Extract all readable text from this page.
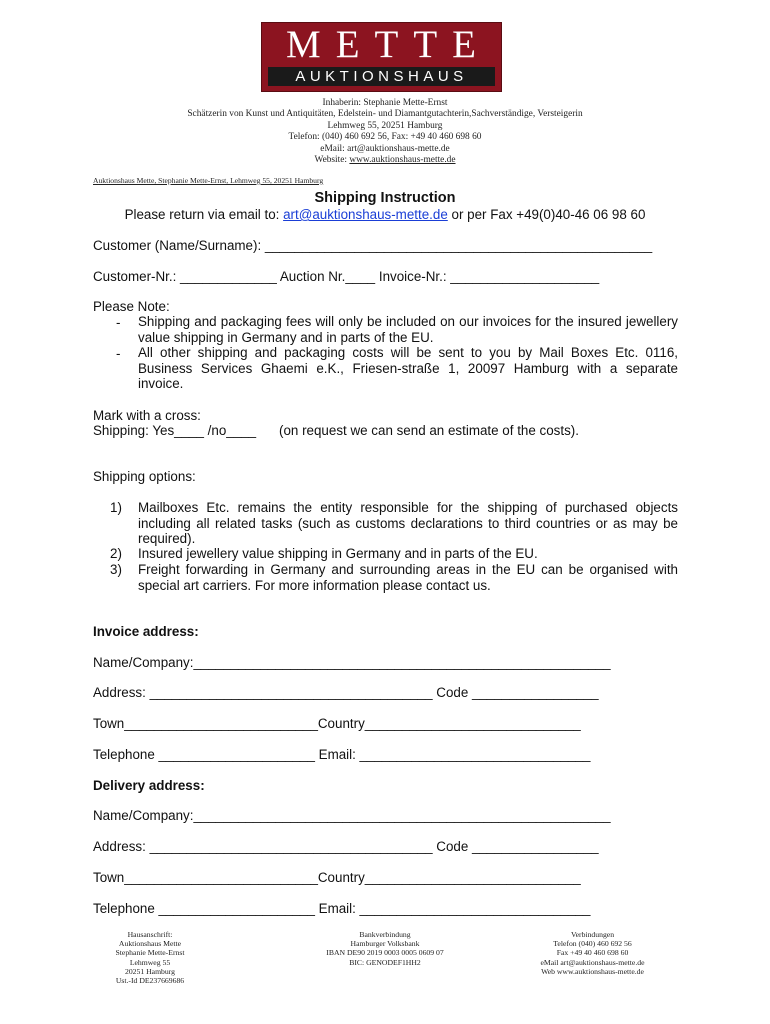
METTE
AUKTIONSHAUS
Inhaberin: Stephanie Mette-Ernst
Schätzerin von Kunst und Antiquitäten, Edelstein- und Diamantgutachterin,Sachverständige, Versteigerin
Lehmweg 55, 20251 Hamburg
Telefon: (040) 460 692 56, Fax: +49 40 460 698 60
eMail: art@auktionshaus-mette.de
Website: www.auktionshaus-mette.de
Auktionshaus Mette, Stephanie Mette-Ernst, Lehmweg 55, 20251 Hamburg
Shipping Instruction
Please return via email to: art@auktionshaus-mette.de or per Fax +49(0)40-46 06 98 60
Customer (Name/Surname): ____________________________________________________
Customer-Nr.: _____________ Auction Nr.____ Invoice-Nr.: ____________________
Please Note:
- Shipping and packaging fees will only be included on our invoices for the insured jewellery value shipping in Germany and in parts of the EU.
- All other shipping and packaging costs will be sent to you by Mail Boxes Etc. 0116, Business Services Ghaemi e.K., Friesen-straße 1, 20097 Hamburg with a separate invoice.
Mark with a cross:
Shipping: Yes____ /no____ (on request we can send an estimate of the costs).
Shipping options:
1) Mailboxes Etc. remains the entity responsible for the shipping of purchased objects including all related tasks (such as customs declarations to third countries or as may be required).
2) Insured jewellery value shipping in Germany and in parts of the EU.
3) Freight forwarding in Germany and surrounding areas in the EU can be organised with special art carriers. For more information please contact us.
Invoice address:
Name/Company:________________________________________________________
Address: ______________________________________ Code _________________
Town__________________________Country_____________________________
Telephone _____________________ Email: _______________________________
Delivery address:
Name/Company:________________________________________________________
Address: ______________________________________ Code _________________
Town__________________________Country_____________________________
Telephone _____________________ Email: _______________________________
Hausanschrift:
Auktionshaus Mette
Stephanie Mette-Ernst
Lehmweg 55
20251 Hamburg
Ust.-Id DE237669686
Bankverbindung
Hamburger Volksbank
IBAN DE90 2019 0003 0005 0609 07
BIC: GENODEF1HH2
Verbindungen
Telefon (040) 460 692 56
Fax +49 40 460 698 60
eMail art@auktionshaus-mette.de
Web www.auktionshaus-mette.de
